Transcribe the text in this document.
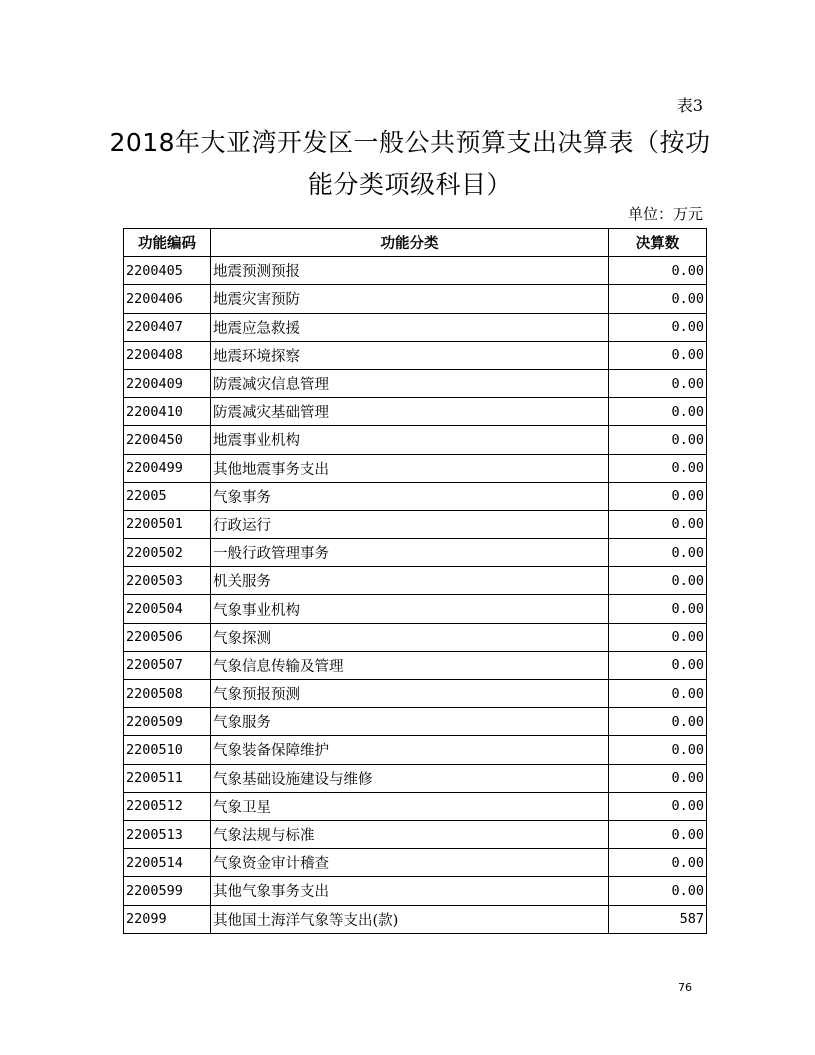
表3
2018年大亚湾开发区一般公共预算支出决算表（按功
能分类项级科目）
单位：万元
功能编码	功能分类	决算数
2200405	地震预测预报	0.00
2200406	地震灾害预防	0.00
2200407	地震应急救援	0.00
2200408	地震环境探察	0.00
2200409	防震减灾信息管理	0.00
2200410	防震减灾基础管理	0.00
2200450	地震事业机构	0.00
2200499	其他地震事务支出	0.00
22005	气象事务	0.00
2200501	行政运行	0.00
2200502	一般行政管理事务	0.00
2200503	机关服务	0.00
2200504	气象事业机构	0.00
2200506	气象探测	0.00
2200507	气象信息传输及管理	0.00
2200508	气象预报预测	0.00
2200509	气象服务	0.00
2200510	气象装备保障维护	0.00
2200511	气象基础设施建设与维修	0.00
2200512	气象卫星	0.00
2200513	气象法规与标准	0.00
2200514	气象资金审计稽查	0.00
2200599	其他气象事务支出	0.00
22099	其他国土海洋气象等支出(款)	587
76
